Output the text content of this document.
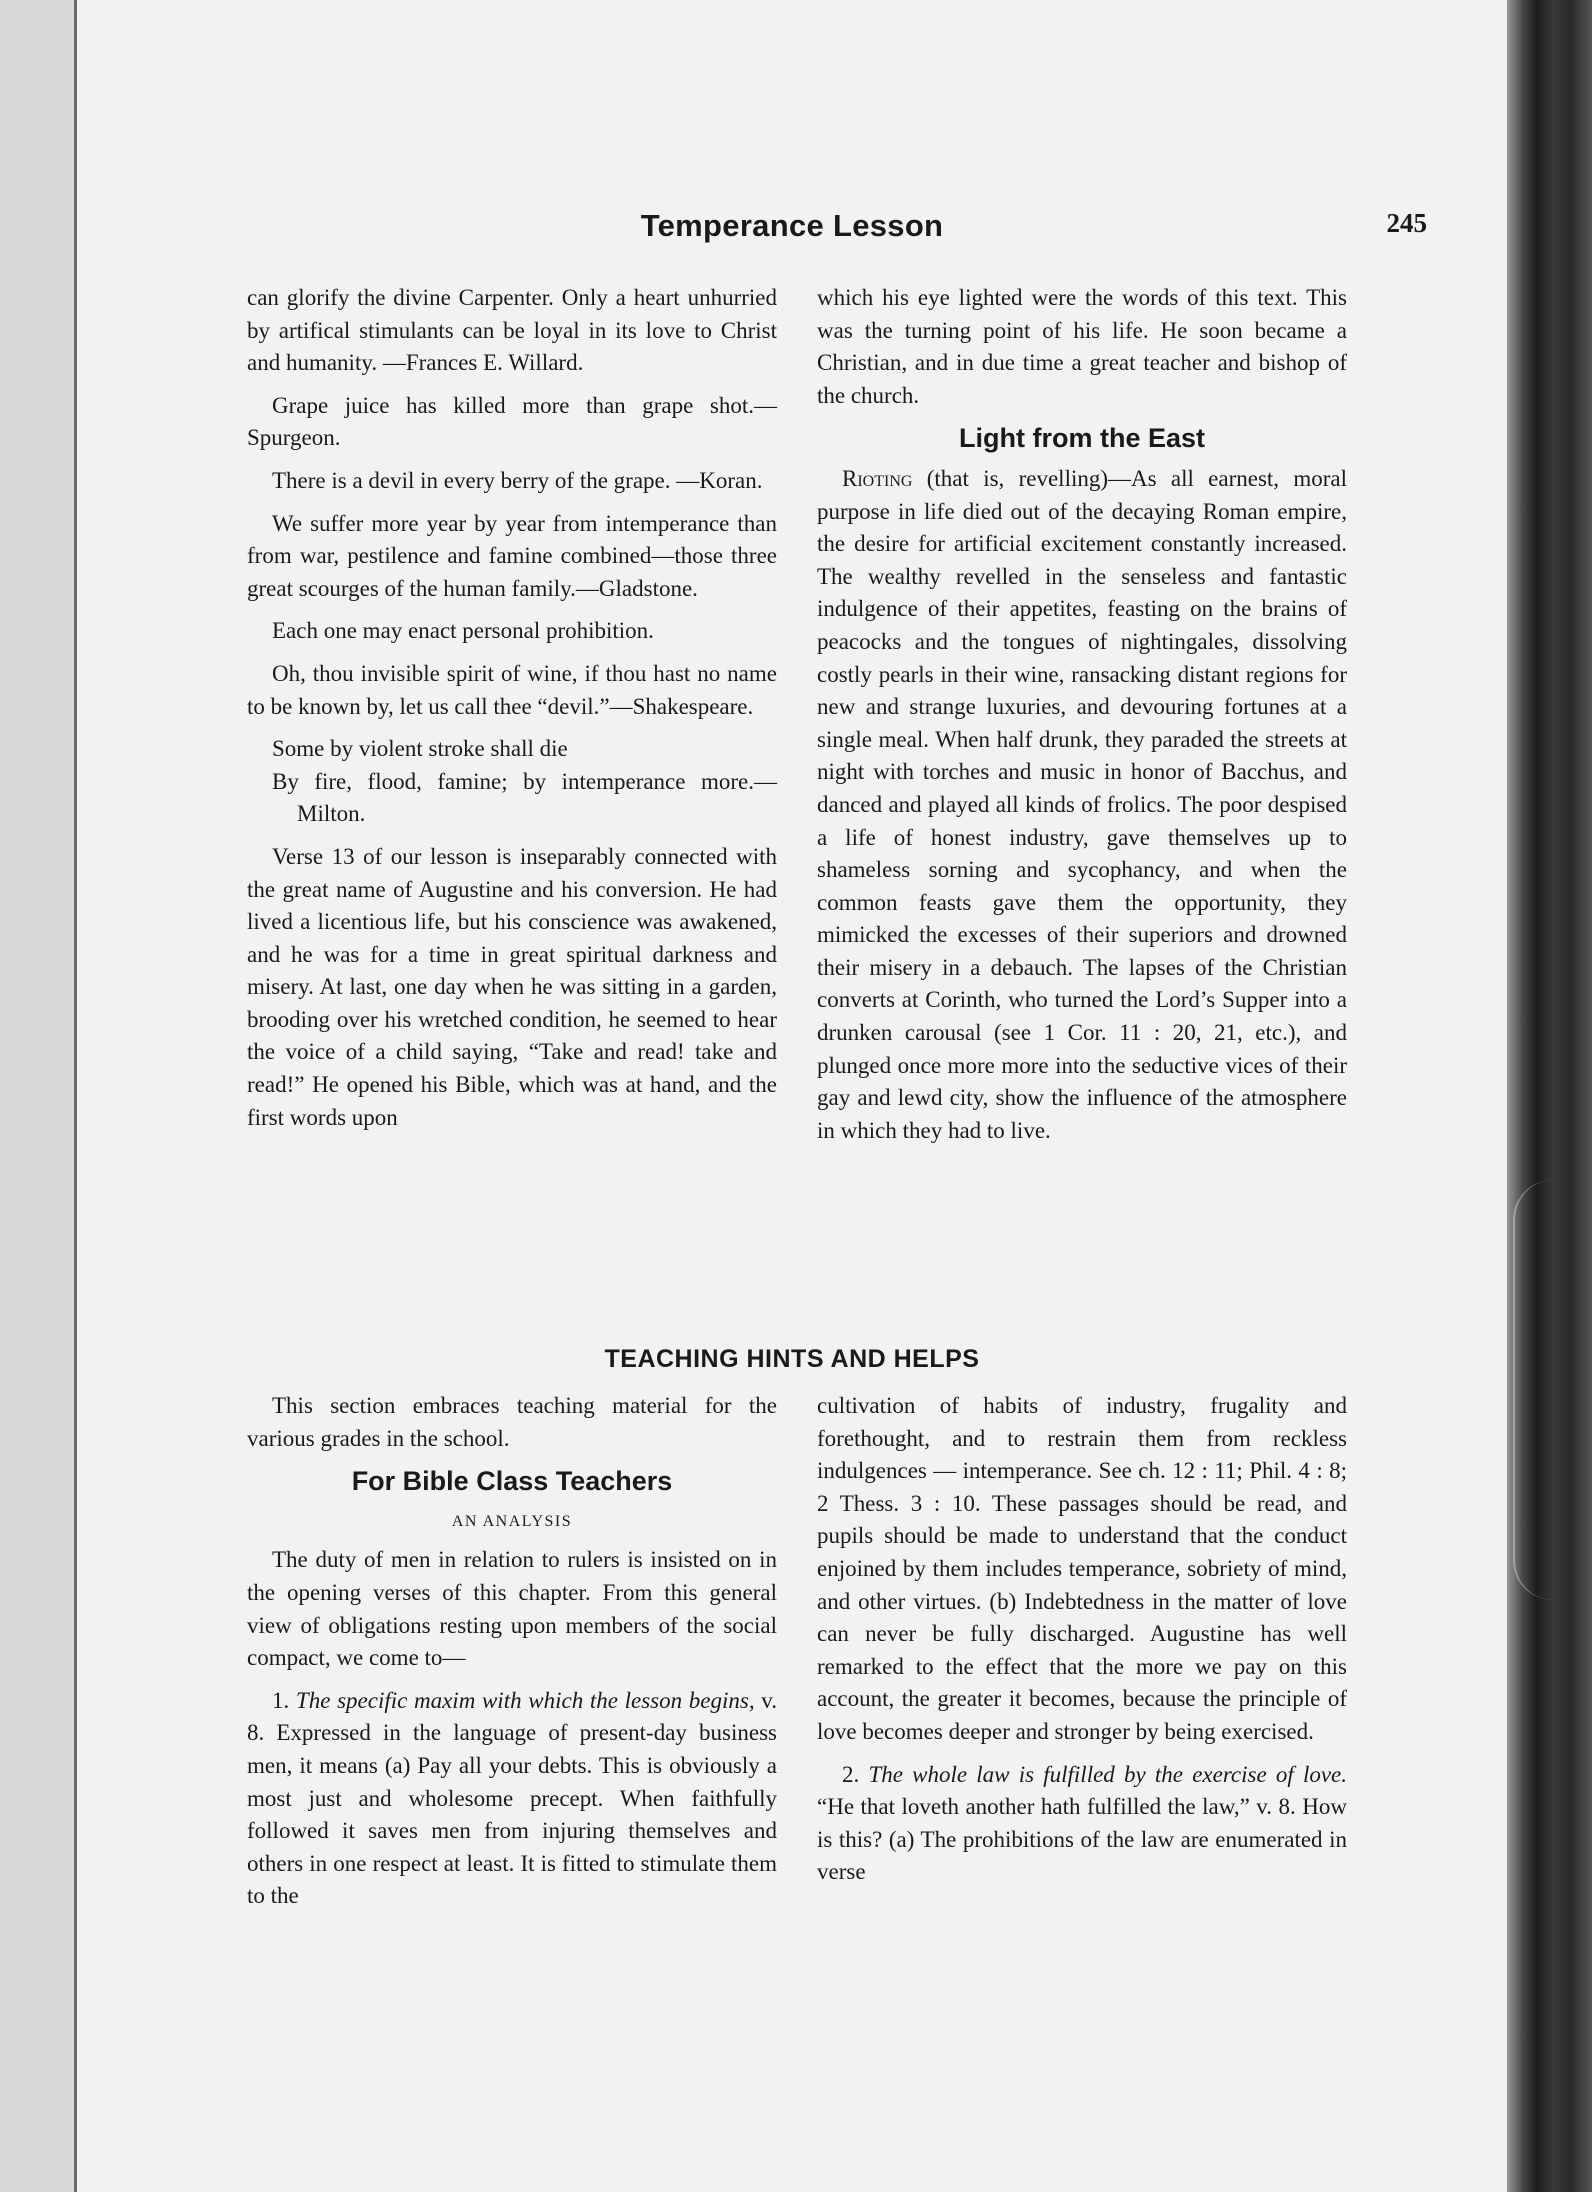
Temperance Lesson	245

can glorify the divine Carpenter. Only a heart unhurried by artifical stimulants can be loyal in its love to Christ and humanity. —Frances E. Willard.

Grape juice has killed more than grape shot.—Spurgeon.

There is a devil in every berry of the grape. —Koran.

We suffer more year by year from intemperance than from war, pestilence and famine combined—those three great scourges of the human family.—Gladstone.

Each one may enact personal prohibition.

Oh, thou invisible spirit of wine, if thou hast no name to be known by, let us call thee “devil.”—Shakespeare.

Some by violent stroke shall die

By fire, flood, famine; by intemperance more.—Milton.

Verse 13 of our lesson is inseparably connected with the great name of Augustine and his conversion. He had lived a licentious life, but his conscience was awakened, and he was for a time in great spiritual darkness and misery. At last, one day when he was sitting in a garden, brooding over his wretched condition, he seemed to hear the voice of a child saying, “Take and read! take and read!” He opened his Bible, which was at hand, and the first words upon

which his eye lighted were the words of this text. This was the turning point of his life. He soon became a Christian, and in due time a great teacher and bishop of the church.

Light from the East

Rioting (that is, revelling)—As all earnest, moral purpose in life died out of the decaying Roman empire, the desire for artificial excitement constantly increased. The wealthy revelled in the senseless and fantastic indulgence of their appetites, feasting on the brains of peacocks and the tongues of nightingales, dissolving costly pearls in their wine, ransacking distant regions for new and strange luxuries, and devouring fortunes at a single meal. When half drunk, they paraded the streets at night with torches and music in honor of Bacchus, and danced and played all kinds of frolics. The poor despised a life of honest industry, gave themselves up to shameless sorning and sycophancy, and when the common feasts gave them the opportunity, they mimicked the excesses of their superiors and drowned their misery in a debauch. The lapses of the Christian converts at Corinth, who turned the Lord’s Supper into a drunken carousal (see 1 Cor. 11 : 20, 21, etc.), and plunged once more more into the seductive vices of their gay and lewd city, show the influence of the atmosphere in which they had to live.

TEACHING HINTS AND HELPS

This section embraces teaching material for the various grades in the school.

For Bible Class Teachers
AN ANALYSIS

The duty of men in relation to rulers is insisted on in the opening verses of this chapter. From this general view of obligations resting upon members of the social compact, we come to—

1. The specific maxim with which the lesson begins, v. 8. Expressed in the language of present-day business men, it means (a) Pay all your debts. This is obviously a most just and wholesome precept. When faithfully followed it saves men from injuring themselves and others in one respect at least. It is fitted to stimulate them to the

cultivation of habits of industry, frugality and forethought, and to restrain them from reckless indulgences — intemperance. See ch. 12 : 11; Phil. 4 : 8; 2 Thess. 3 : 10. These passages should be read, and pupils should be made to understand that the conduct enjoined by them includes temperance, sobriety of mind, and other virtues. (b) Indebtedness in the matter of love can never be fully discharged. Augustine has well remarked to the effect that the more we pay on this account, the greater it becomes, because the principle of love becomes deeper and stronger by being exercised.

2. The whole law is fulfilled by the exercise of love. “He that loveth another hath fulfilled the law,” v. 8. How is this? (a) The prohibitions of the law are enumerated in verse
